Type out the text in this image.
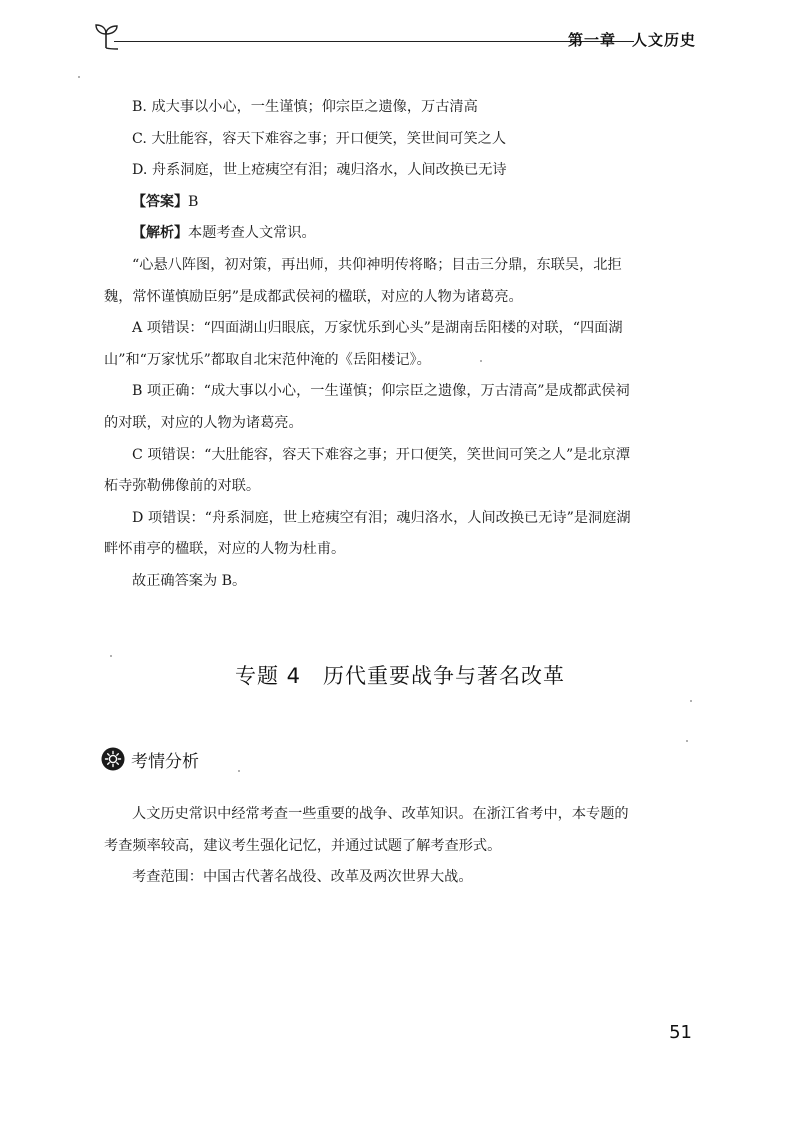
第一章　人文历史

B. 成大事以小心，一生谨慎；仰宗臣之遗像，万古清高

C. 大肚能容，容天下难容之事；开口便笑，笑世间可笑之人

D. 舟系洞庭，世上疮痍空有泪；魂归洛水，人间改换已无诗

【答案】B

【解析】本题考查人文常识。

“心悬八阵图，初对策，再出师，共仰神明传将略；目击三分鼎，东联吴，北拒

魏，常怀谨慎励臣躬”是成都武侯祠的楹联，对应的人物为诸葛亮。

A 项错误：“四面湖山归眼底，万家忧乐到心头”是湖南岳阳楼的对联，“四面湖

山”和“万家忧乐”都取自北宋范仲淹的《岳阳楼记》。

B 项正确：“成大事以小心，一生谨慎；仰宗臣之遗像，万古清高”是成都武侯祠

的对联，对应的人物为诸葛亮。

C 项错误：“大肚能容，容天下难容之事；开口便笑，笑世间可笑之人”是北京潭

柘寺弥勒佛像前的对联。

D 项错误：“舟系洞庭，世上疮痍空有泪；魂归洛水，人间改换已无诗”是洞庭湖

畔怀甫亭的楹联，对应的人物为杜甫。

故正确答案为 B。

专题 4　历代重要战争与著名改革
考情分析

人文历史常识中经常考查一些重要的战争、改革知识。在浙江省考中，本专题的

考查频率较高，建议考生强化记忆，并通过试题了解考查形式。

考查范围：中国古代著名战役、改革及两次世界大战。

51
